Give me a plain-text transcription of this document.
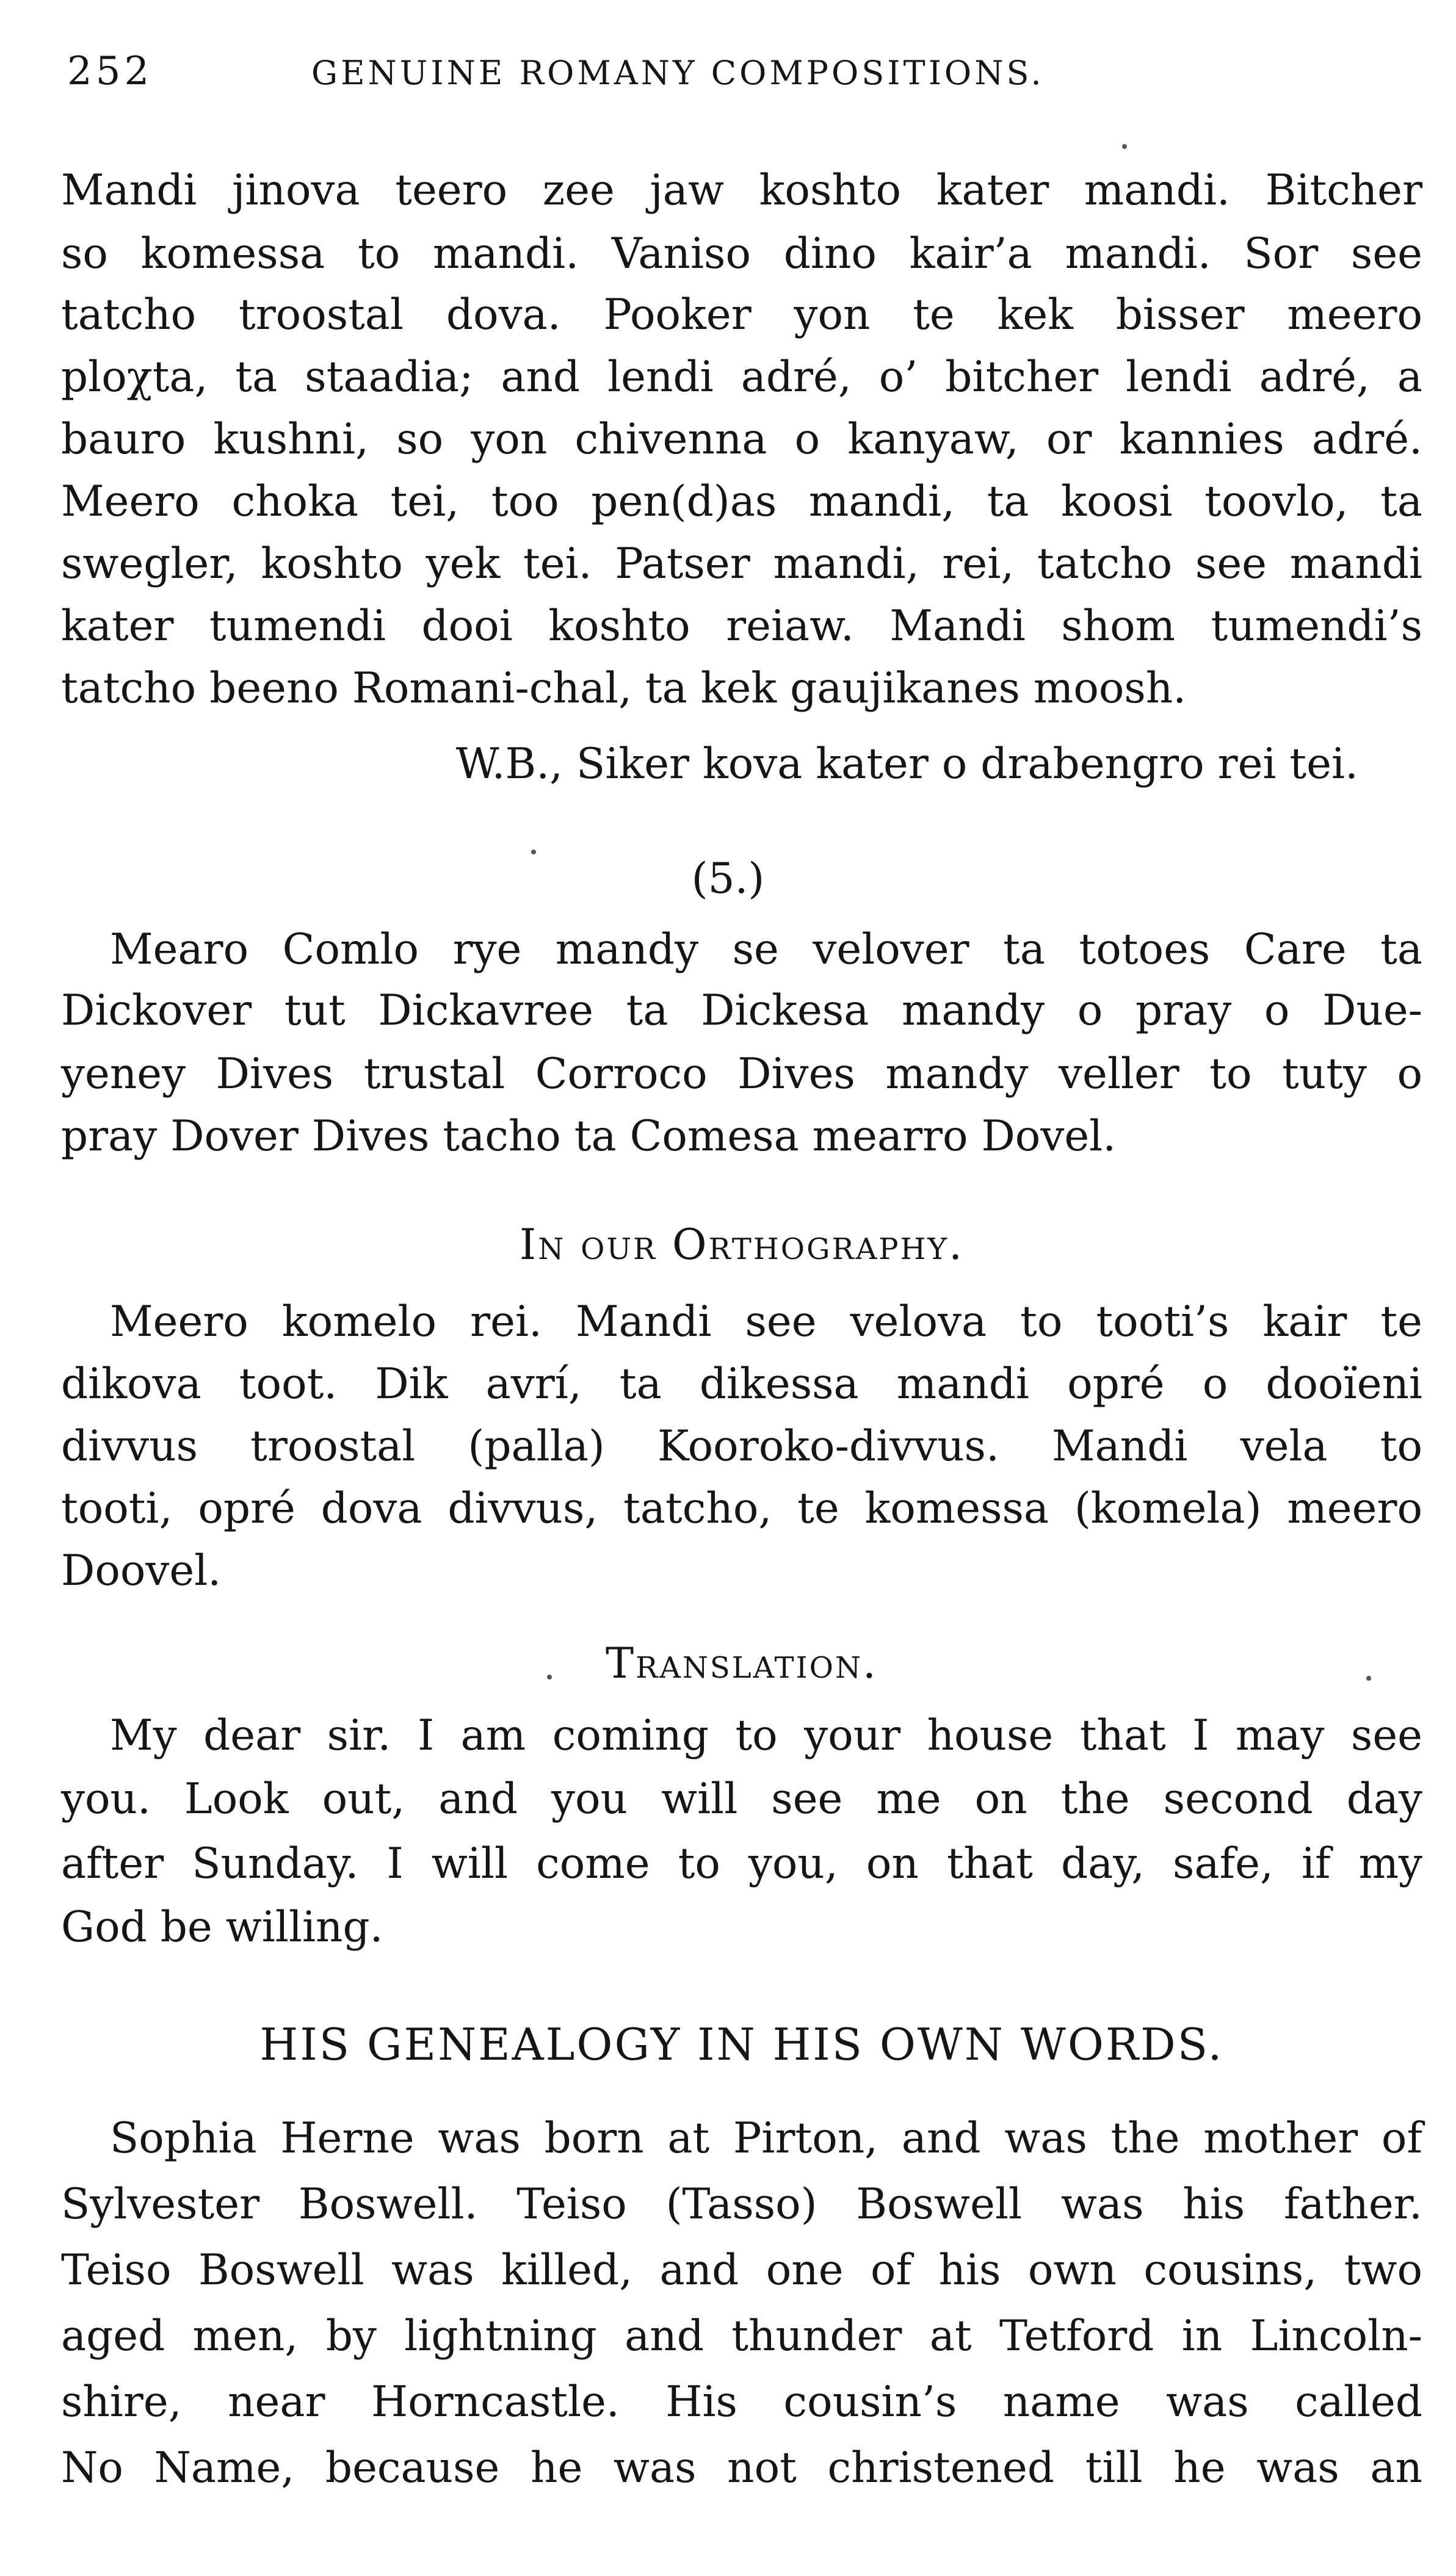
252	GENUINE ROMANY COMPOSITIONS.
Mandi jinova teero zee jaw koshto kater mandi. Bitcher
so komessa to mandi. Vaniso dino kair’a mandi. Sor see
tatcho troostal dova. Pooker yon te kek bisser meero
ploχta, ta staadia; and lendi adré, o’ bitcher lendi adré, a
bauro kushni, so yon chivenna o kanyaw, or kannies adré.
Meero choka tei, too pen(d)as mandi, ta koosi toovlo, ta
swegler, koshto yek tei. Patser mandi, rei, tatcho see mandi
kater tumendi dooi koshto reiaw. Mandi shom tumendi’s
tatcho beeno Romani-chal, ta kek gaujikanes moosh.
W.B., Siker kova kater o drabengro rei tei.
(5.)
Mearo Comlo rye mandy se velover ta totoes Care ta
Dickover tut Dickavree ta Dickesa mandy o pray o Due-
yeney Dives trustal Corroco Dives mandy veller to tuty o
pray Dover Dives tacho ta Comesa mearro Dovel.
In our Orthography.
Meero komelo rei. Mandi see velova to tooti’s kair te
dikova toot. Dik avrí, ta dikessa mandi opré o dooïeni
divvus troostal (palla) Kooroko-divvus. Mandi vela to
tooti, opré dova divvus, tatcho, te komessa (komela) meero
Doovel.
Translation.
My dear sir. I am coming to your house that I may see
you. Look out, and you will see me on the second day
after Sunday. I will come to you, on that day, safe, if my
God be willing.
HIS GENEALOGY IN HIS OWN WORDS.
Sophia Herne was born at Pirton, and was the mother of
Sylvester Boswell. Teiso (Tasso) Boswell was his father.
Teiso Boswell was killed, and one of his own cousins, two
aged men, by lightning and thunder at Tetford in Lincoln-
shire, near Horncastle. His cousin’s name was called
No Name, because he was not christened till he was an
